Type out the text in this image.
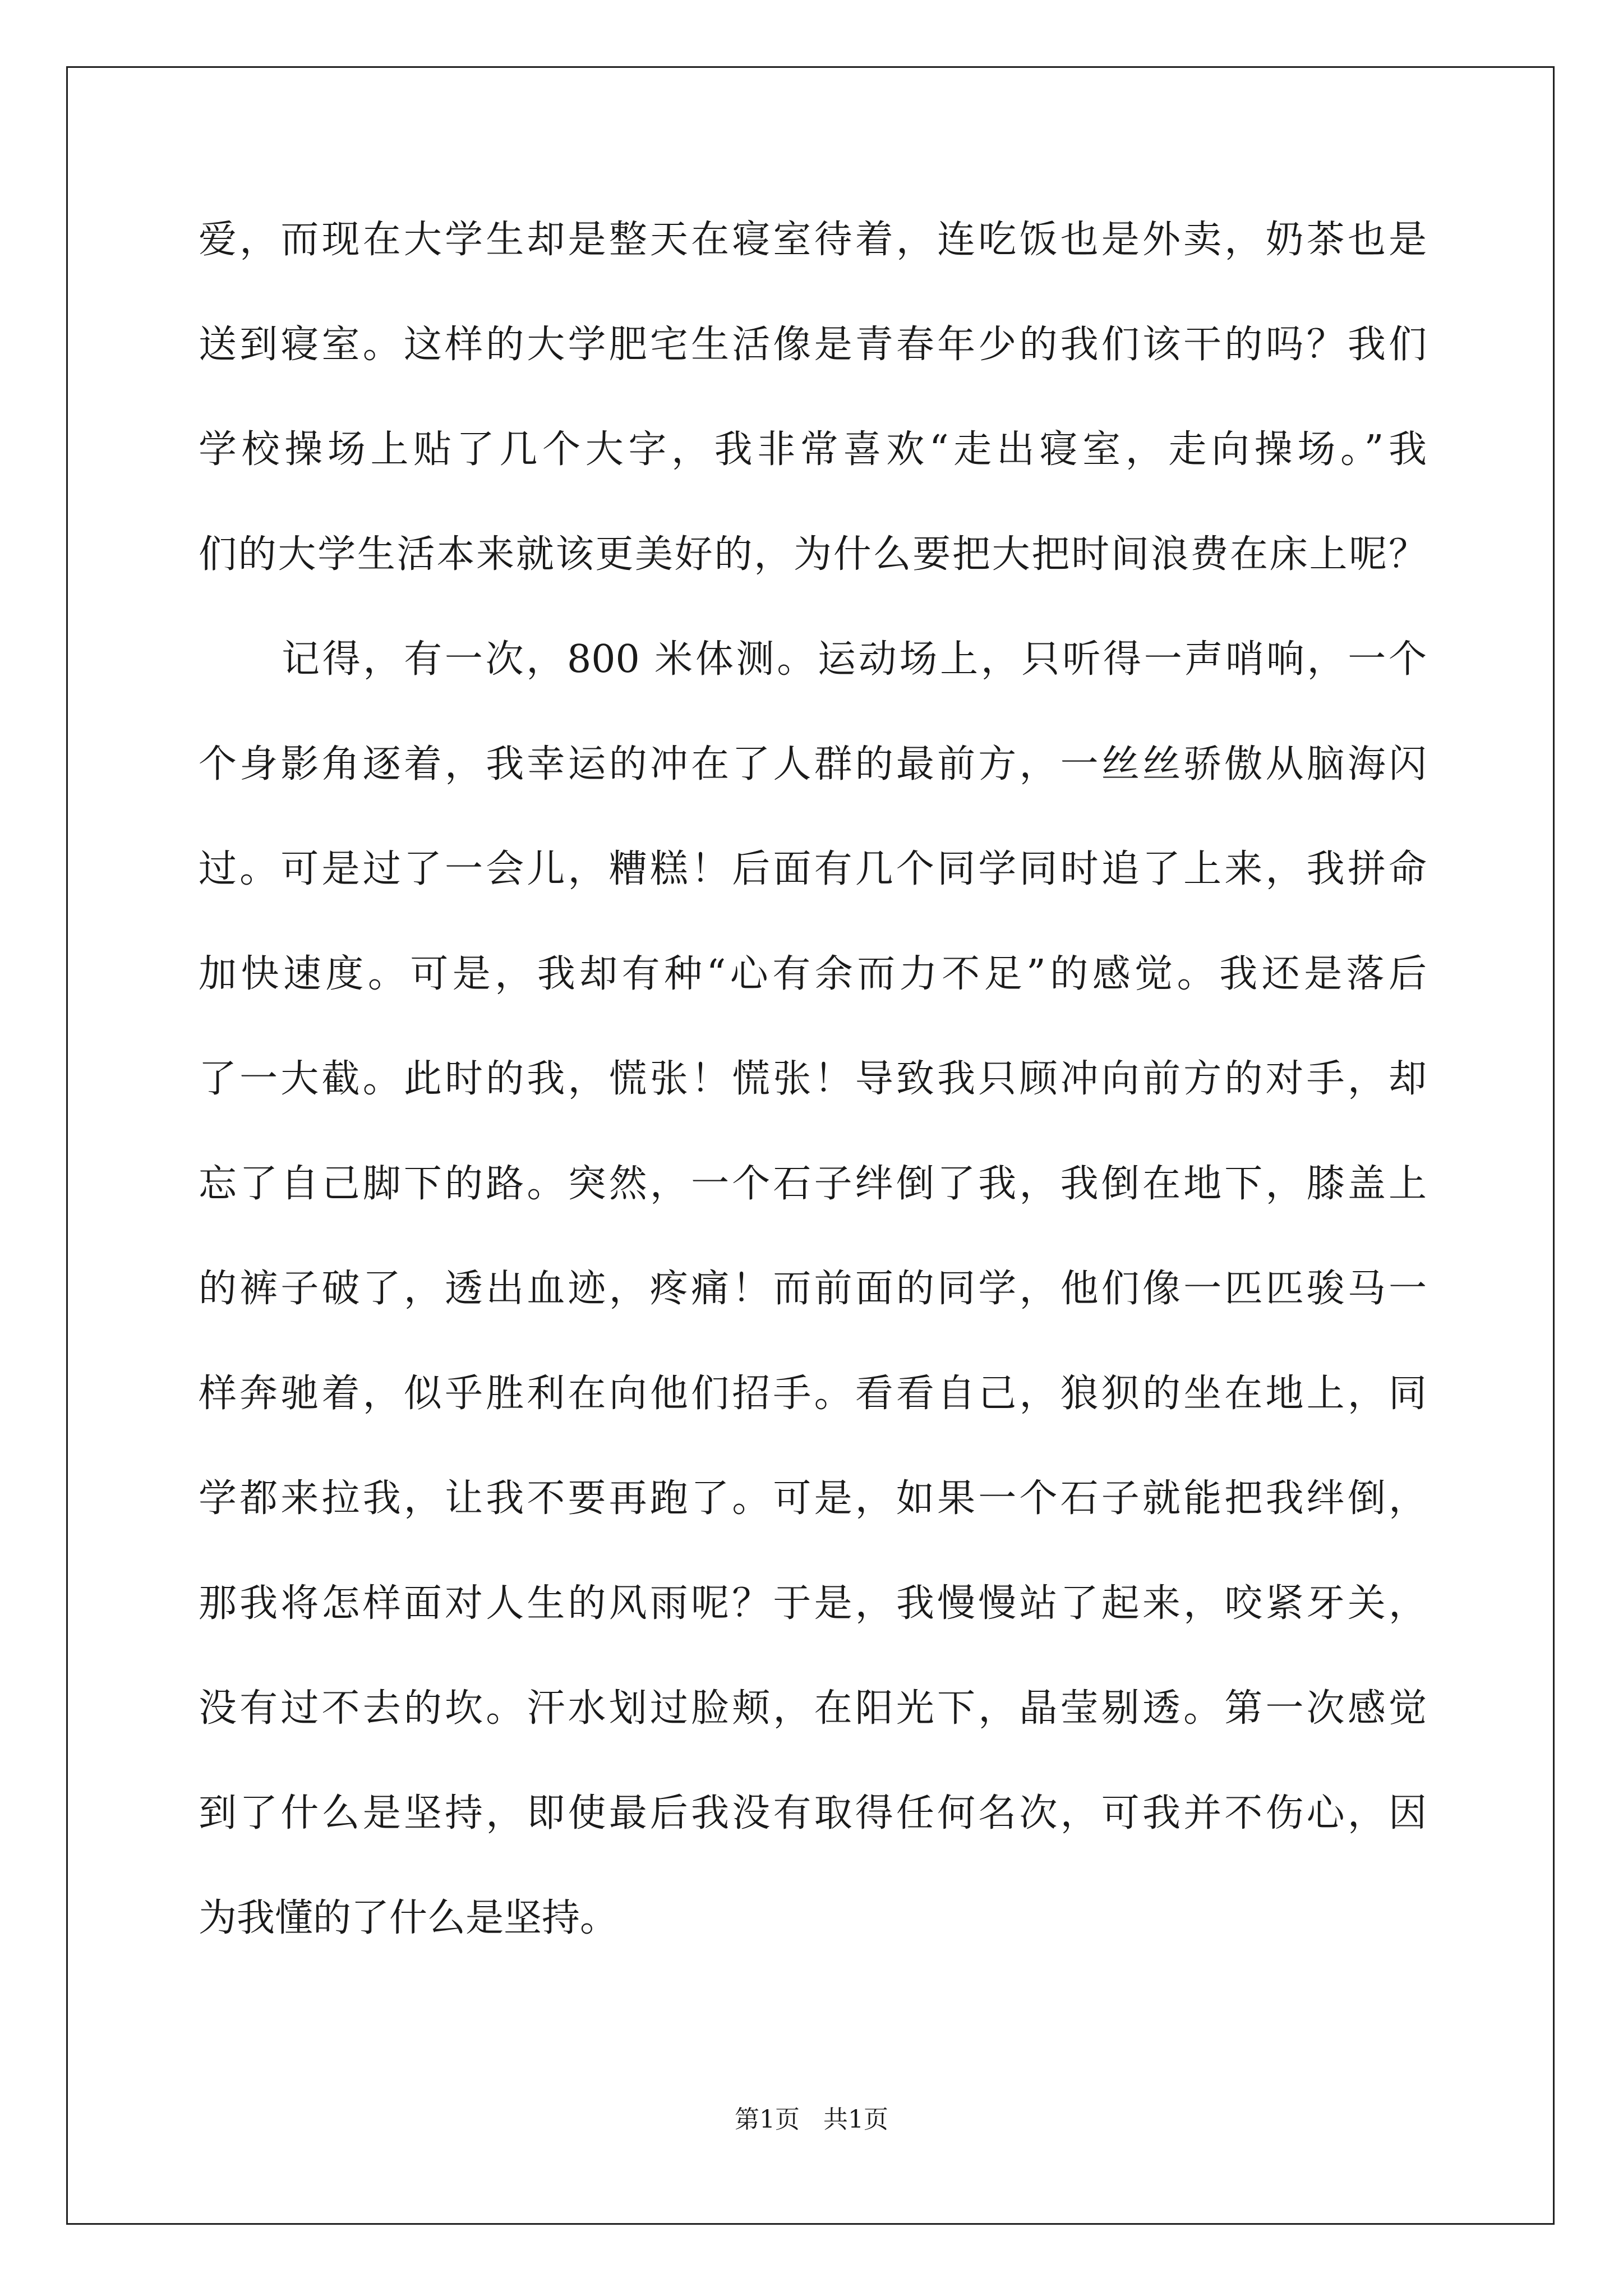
爱，而现在大学生却是整天在寝室待着，连吃饭也是外卖，奶茶也是
送到寝室。这样的大学肥宅生活像是青春年少的我们该干的吗？我们
学校操场上贴了几个大字，我非常喜欢“走出寝室，走向操场。”我
们的大学生活本来就该更美好的，为什么要把大把时间浪费在床上呢？
记得，有一次，800 米体测。运动场上，只听得一声哨响，一个
个身影角逐着，我幸运的冲在了人群的最前方，一丝丝骄傲从脑海闪
过。可是过了一会儿，糟糕！后面有几个同学同时追了上来，我拼命
加快速度。可是，我却有种“心有余而力不足”的感觉。我还是落后
了一大截。此时的我，慌张！慌张！导致我只顾冲向前方的对手，却
忘了自己脚下的路。突然，一个石子绊倒了我，我倒在地下，膝盖上
的裤子破了，透出血迹，疼痛！而前面的同学，他们像一匹匹骏马一
样奔驰着，似乎胜利在向他们招手。看看自己，狼狈的坐在地上，同
学都来拉我，让我不要再跑了。可是，如果一个石子就能把我绊倒，
那我将怎样面对人生的风雨呢？于是，我慢慢站了起来，咬紧牙关，
没有过不去的坎。汗水划过脸颊，在阳光下，晶莹剔透。第一次感觉
到了什么是坚持，即使最后我没有取得任何名次，可我并不伤心，因
为我懂的了什么是坚持。
第1页   共1页
